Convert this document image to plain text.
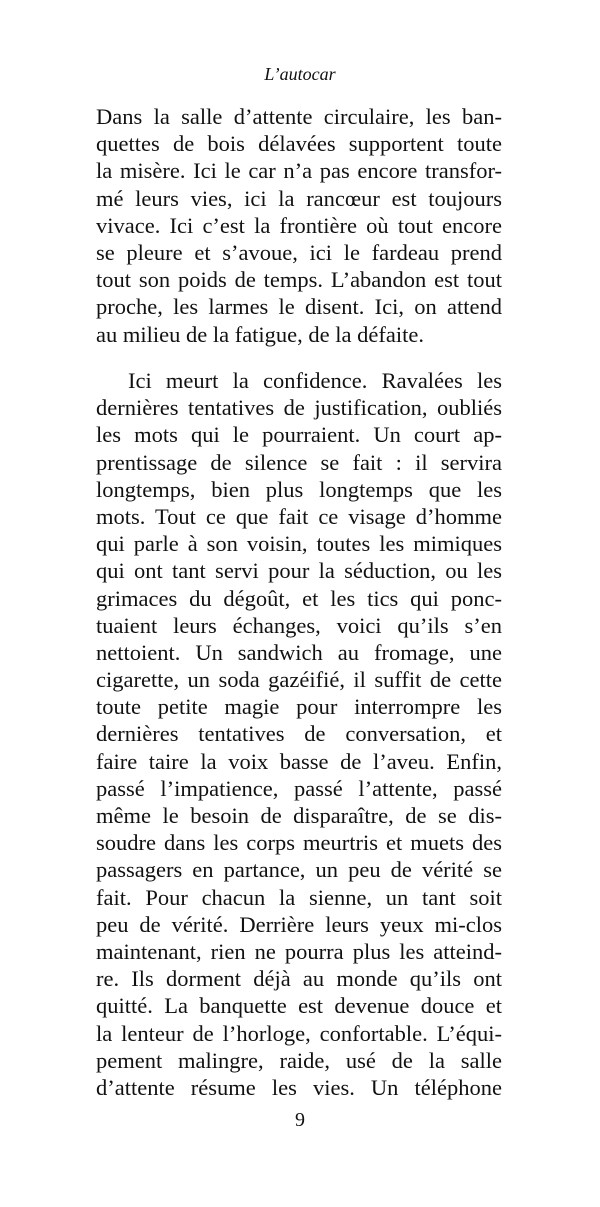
L’autocar
Dans la salle d’attente circulaire, les ban-
quettes de bois délavées supportent toute
la misère. Ici le car n’a pas encore transfor-
mé leurs vies, ici la rancœur est toujours
vivace. Ici c’est la frontière où tout encore
se pleure et s’avoue, ici le fardeau prend
tout son poids de temps. L’abandon est tout
proche, les larmes le disent. Ici, on attend
au milieu de la fatigue, de la défaite.
Ici meurt la confidence. Ravalées les
dernières tentatives de justification, oubliés
les mots qui le pourraient. Un court ap-
prentissage de silence se fait : il servira
longtemps, bien plus longtemps que les
mots. Tout ce que fait ce visage d’homme
qui parle à son voisin, toutes les mimiques
qui ont tant servi pour la séduction, ou les
grimaces du dégoût, et les tics qui ponc-
tuaient leurs échanges, voici qu’ils s’en
nettoient. Un sandwich au fromage, une
cigarette, un soda gazéifié, il suffit de cette
toute petite magie pour interrompre les
dernières tentatives de conversation, et
faire taire la voix basse de l’aveu. Enfin,
passé l’impatience, passé l’attente, passé
même le besoin de disparaître, de se dis-
soudre dans les corps meurtris et muets des
passagers en partance, un peu de vérité se
fait. Pour chacun la sienne, un tant soit
peu de vérité. Derrière leurs yeux mi-clos
maintenant, rien ne pourra plus les atteind-
re. Ils dorment déjà au monde qu’ils ont
quitté. La banquette est devenue douce et
la lenteur de l’horloge, confortable. L’équi-
pement malingre, raide, usé de la salle
d’attente résume les vies. Un téléphone
9
